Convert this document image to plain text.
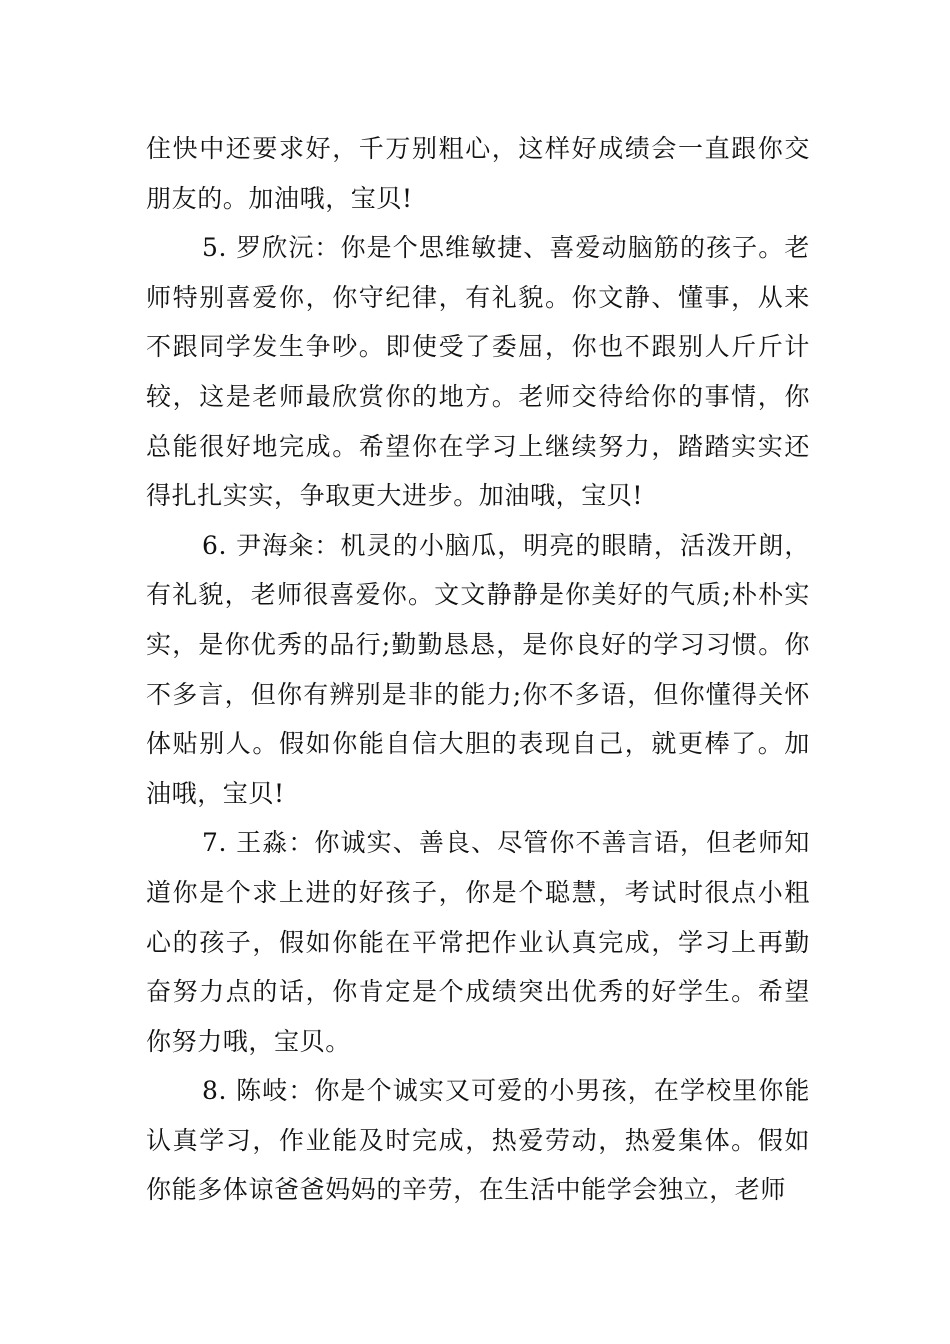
住快中还要求好，千万别粗心，这样好成绩会一直跟你交朋友的。加油哦，宝贝!

5. 罗欣沅：你是个思维敏捷、喜爱动脑筋的孩子。老师特别喜爱你，你守纪律，有礼貌。你文静、懂事，从来不跟同学发生争吵。即使受了委屈，你也不跟别人斤斤计较，这是老师最欣赏你的地方。老师交待给你的事情，你总能很好地完成。希望你在学习上继续努力，踏踏实实还得扎扎实实，争取更大进步。加油哦，宝贝!

6. 尹海籴：机灵的小脑瓜，明亮的眼睛，活泼开朗，有礼貌，老师很喜爱你。文文静静是你美好的气质;朴朴实实，是你优秀的品行;勤勤恳恳，是你良好的学习习惯。你不多言，但你有辨别是非的能力;你不多语，但你懂得关怀体贴别人。假如你能自信大胆的表现自己，就更棒了。加油哦，宝贝!

7. 王淼：你诚实、善良、尽管你不善言语，但老师知道你是个求上进的好孩子，你是个聪慧，考试时很点小粗心的孩子，假如你能在平常把作业认真完成，学习上再勤奋努力点的话，你肯定是个成绩突出优秀的好学生。希望你努力哦，宝贝。

8. 陈岐：你是个诚实又可爱的小男孩，在学校里你能认真学习，作业能及时完成，热爱劳动，热爱集体。假如你能多体谅爸爸妈妈的辛劳，在生活中能学会独立，老师
